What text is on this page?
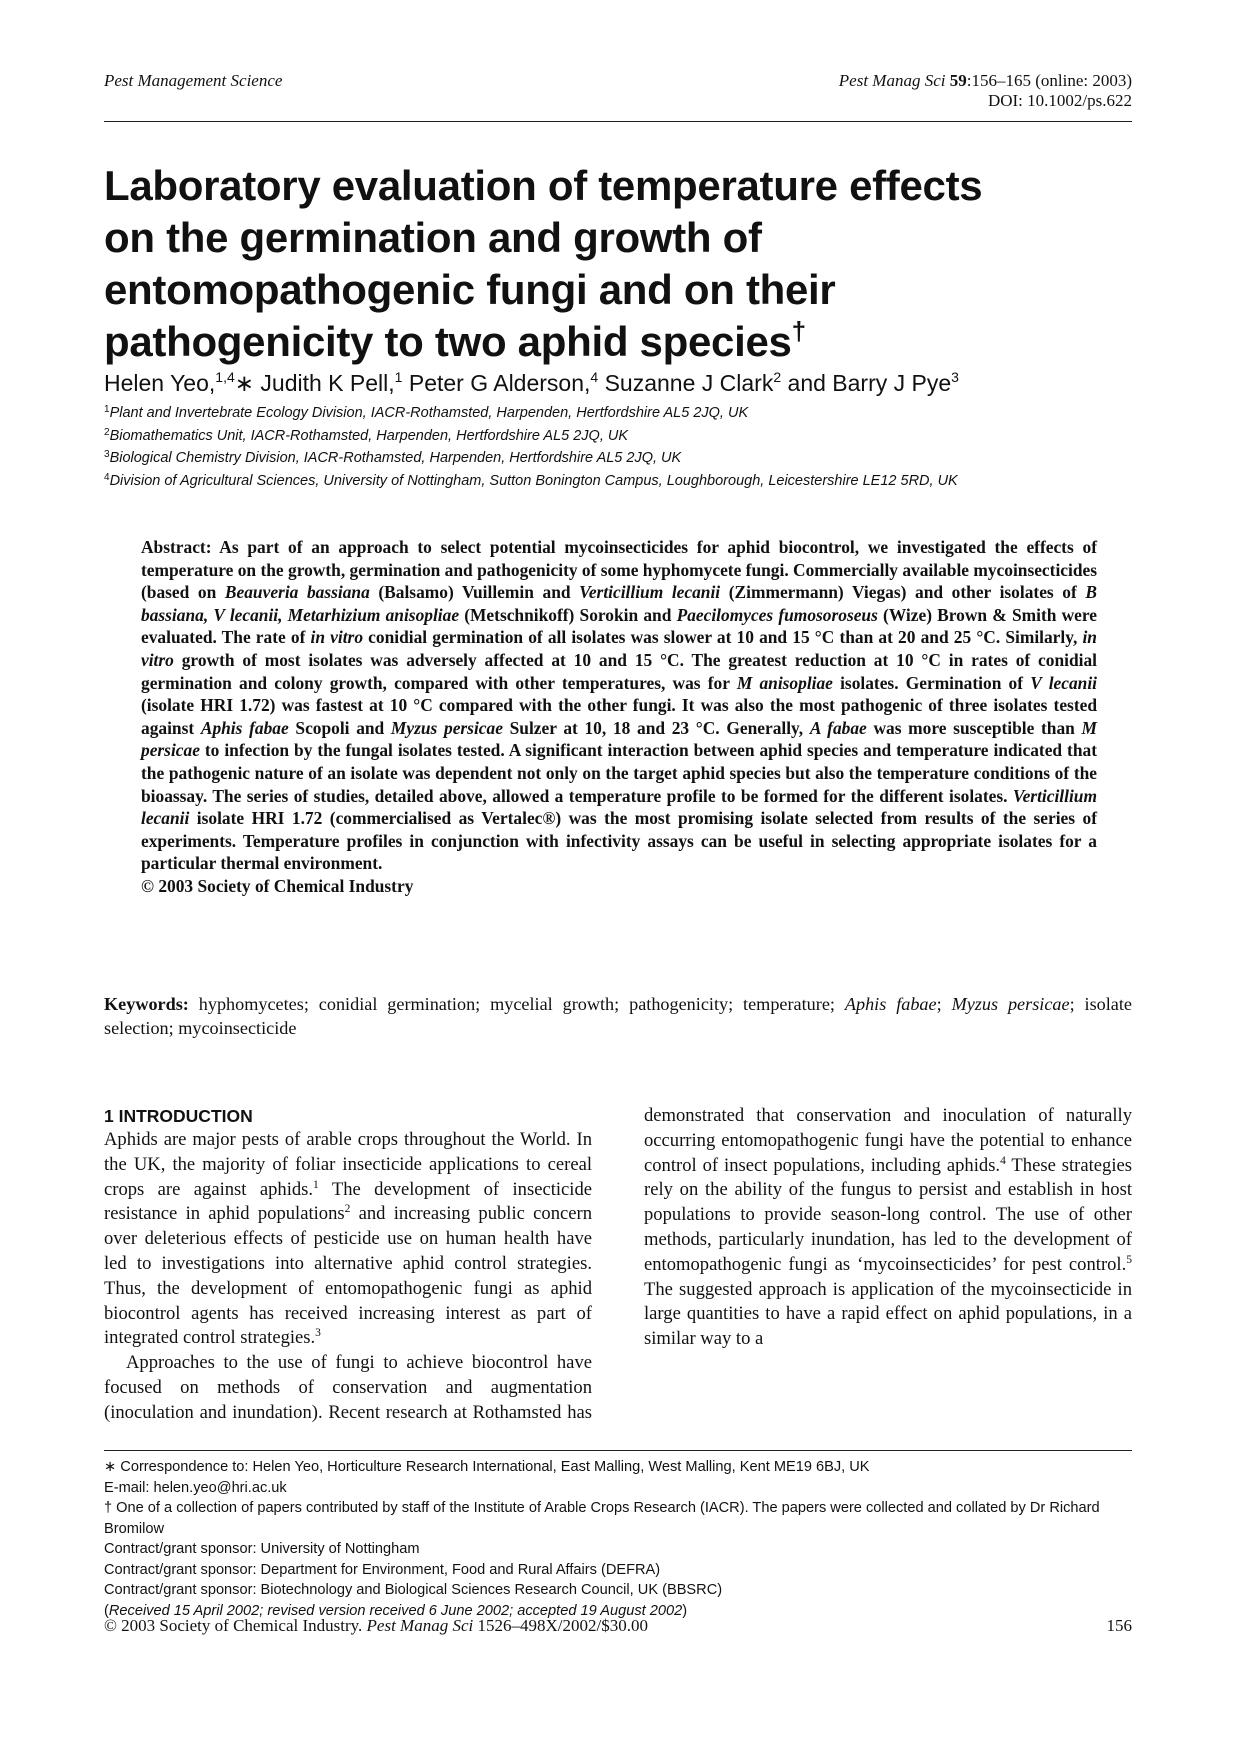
Pest Management Science	Pest Manag Sci 59:156–165 (online: 2003)
DOI: 10.1002/ps.622
Laboratory evaluation of temperature effects
on the germination and growth of
entomopathogenic fungi and on their
pathogenicity to two aphid species†
Helen Yeo,$^{1,4}$∗ Judith K Pell,$^1$ Peter G Alderson,$^4$ Suzanne J Clark$^2$ and Barry J Pye$^3$
$^1$Plant and Invertebrate Ecology Division, IACR-Rothamsted, Harpenden, Hertfordshire AL5 2JQ, UK
$^2$Biomathematics Unit, IACR-Rothamsted, Harpenden, Hertfordshire AL5 2JQ, UK
$^3$Biological Chemistry Division, IACR-Rothamsted, Harpenden, Hertfordshire AL5 2JQ, UK
$^4$Division of Agricultural Sciences, University of Nottingham, Sutton Bonington Campus, Loughborough, Leicestershire LE12 5RD, UK
Abstract: As part of an approach to select potential mycoinsecticides for aphid biocontrol, we investigated the effects of temperature on the growth, germination and pathogenicity of some hyphomycete fungi. Commercially available mycoinsecticides (based on Beauveria bassiana (Balsamo) Vuillemin and Verticillium lecanii (Zimmermann) Viegas) and other isolates of B bassiana, V lecanii, Metarhizium anisopliae (Metschnikoff) Sorokin and Paecilomyces fumosoroseus (Wize) Brown & Smith were evaluated. The rate of in vitro conidial germination of all isolates was slower at 10 and 15 °C than at 20 and 25 °C. Similarly, in vitro growth of most isolates was adversely affected at 10 and 15 °C. The greatest reduction at 10 °C in rates of conidial germination and colony growth, compared with other temperatures, was for M anisopliae isolates. Germination of V lecanii (isolate HRI 1.72) was fastest at 10 °C compared with the other fungi. It was also the most pathogenic of three isolates tested against Aphis fabae Scopoli and Myzus persicae Sulzer at 10, 18 and 23 °C. Generally, A fabae was more susceptible than M persicae to infection by the fungal isolates tested. A significant interaction between aphid species and temperature indicated that the pathogenic nature of an isolate was dependent not only on the target aphid species but also the temperature conditions of the bioassay. The series of studies, detailed above, allowed a temperature profile to be formed for the different isolates. Verticillium lecanii isolate HRI 1.72 (commercialised as Vertalec®) was the most promising isolate selected from results of the series of experiments. Temperature profiles in conjunction with infectivity assays can be useful in selecting appropriate isolates for a particular thermal environment.
© 2003 Society of Chemical Industry
Keywords: hyphomycetes; conidial germination; mycelial growth; pathogenicity; temperature; Aphis fabae; Myzus persicae; isolate selection; mycoinsecticide
1 INTRODUCTION

Aphids are major pests of arable crops throughout the World. In the UK, the majority of foliar insecticide applications to cereal crops are against aphids.$^1$ The development of insecticide resistance in aphid populations$^2$ and increasing public concern over deleterious effects of pesticide use on human health have led to investigations into alternative aphid control strategies. Thus, the development of entomopathogenic fungi as aphid biocontrol agents has received increasing interest as part of integrated control strategies.$^3$

Approaches to the use of fungi to achieve biocontrol have focused on methods of conservation and augmentation (inoculation and inundation). Recent research at Rothamsted has demonstrated that conservation and inoculation of naturally occurring entomopathogenic fungi have the potential to enhance control of insect populations, including aphids.$^4$ These strategies rely on the ability of the fungus to persist and establish in host populations to provide season-long control. The use of other methods, particularly inundation, has led to the development of entomopathogenic fungi as ‘mycoinsecticides’ for pest control.$^5$ The suggested approach is application of the mycoinsecticide in large quantities to have a rapid effect on aphid populations, in a similar way to a

∗ Correspondence to: Helen Yeo, Horticulture Research International, East Malling, West Malling, Kent ME19 6BJ, UK
E-mail: helen.yeo@hri.ac.uk
† One of a collection of papers contributed by staff of the Institute of Arable Crops Research (IACR). The papers were collected and collated by Dr Richard Bromilow
Contract/grant sponsor: University of Nottingham
Contract/grant sponsor: Department for Environment, Food and Rural Affairs (DEFRA)
Contract/grant sponsor: Biotechnology and Biological Sciences Research Council, UK (BBSRC)
(Received 15 April 2002; revised version received 6 June 2002; accepted 19 August 2002)
© 2003 Society of Chemical Industry. Pest Manag Sci 1526–498X/2002/$30.00	156
